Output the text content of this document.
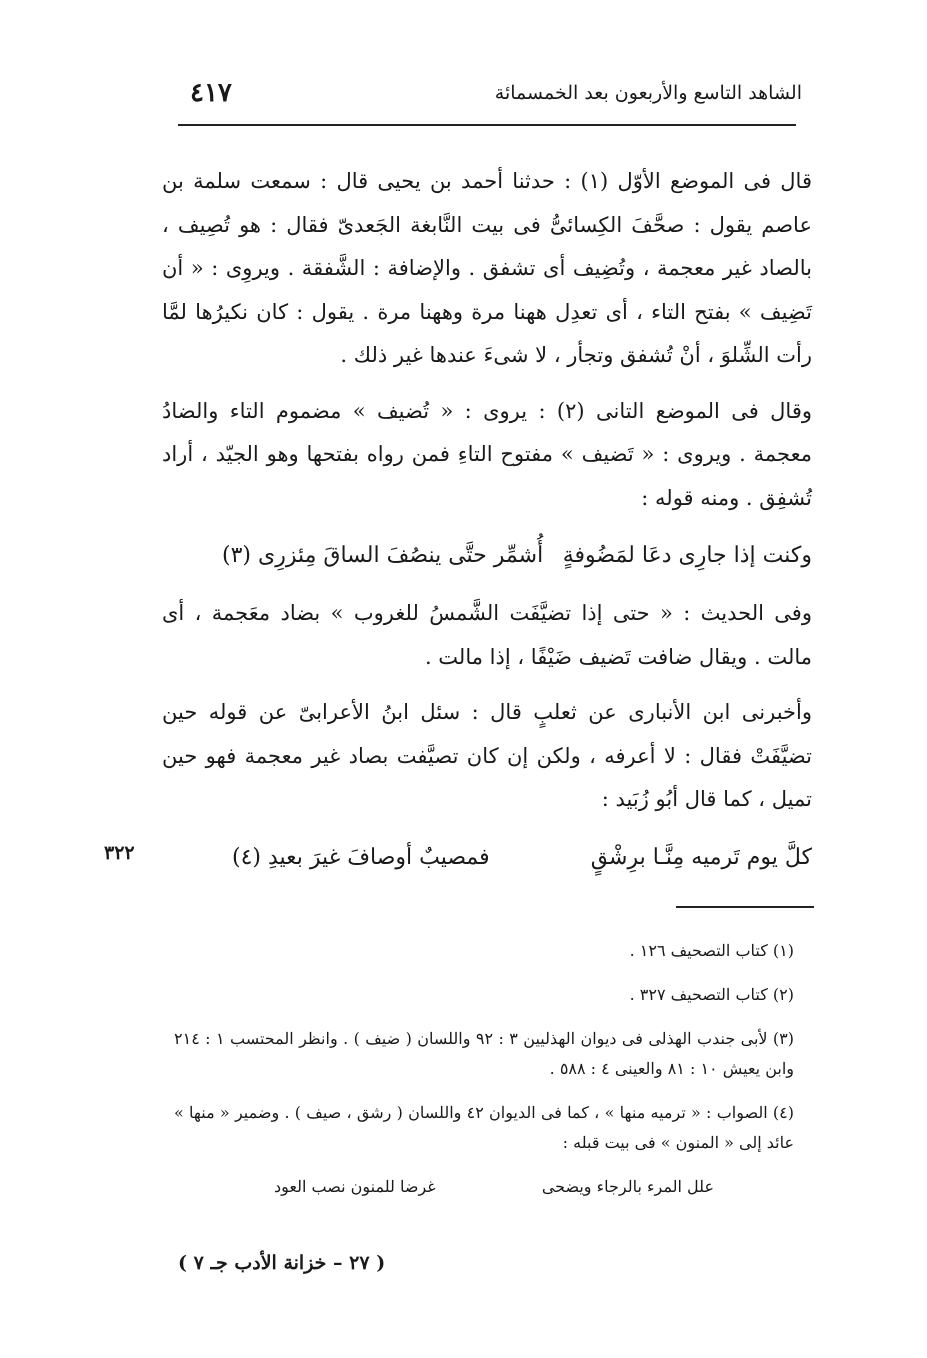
الشاهد التاسع والأربعون بعد الخمسمائة
٤١٧

قال فى الموضع الأوّل (١) : حدثنا أحمد بن يحيى قال : سمعت سلمة بن عاصم يقول : صحَّفَ الكِسائىُّ فى بيت النَّابغة الجَعدىّ فقال : هو تُصِيف ، بالصاد غير معجمة ، وتُضِيف أى تشفق . والإضافة : الشَّفقة . ويروِى : « أن تَضِيف » بفتح التاء ، أى تعدِل ههنا مرة وههنا مرة . يقول : كان نكيرُها لمَّا رأت الشِّلوَ ، أنْ تُشفق وتجأر ، لا شىءَ عندها غير ذلك .

وقال فى الموضع التانى (٢) : يروى : « تُضيف » مضموم التاء والضادُ معجمة . ويروى : « تَضيف » مفتوح التاءِ فمن رواه بفتحها وهو الجيّد ، أراد تُشفِق . ومنه قوله :

وكنت إذا جارِى دعَا لمَضُوفةٍ
أُشمِّر حتَّى ينصُفَ الساقَ مِئزرِى (٣)

وفى الحديث : « حتى إذا تضيَّفَت الشَّمسُ للغروب » بضاد معَجمة ، أى مالت . ويقال ضافت تَضيف ضَيْفًا ، إذا مالت .

وأخبرنى ابن الأنبارى عن ثعلبٍ قال : سئل ابنُ الأعرابىّ عن قوله حين تضيَّفَتْ فقال : لا أعرفه ، ولكن إن كان تصيَّفت بصاد غير معجمة فهو حين تميل ، كما قال أبُو زُبَيد :

كلَّ يوم تَرميه مِنَّـا برِشْقٍ
فمصيبٌ أوصافَ غيرَ بعيدِ (٤)
٣٢٢

(١) كتاب التصحيف ١٢٦ .

(٢) كتاب التصحيف ٣٢٧ .

(٣) لأبى جندب الهذلى فى ديوان الهذليين ٣ : ٩٢ واللسان ( ضيف ) . وانظر المحتسب ١ : ٢١٤ وابن يعيش ١٠ : ٨١ والعينى ٤ : ٥٨٨ .

(٤) الصواب : « ترميه منها » ، كما فى الديوان ٤٢ واللسان ( رشق ، صيف ) . وضمير « منها » عائد إلى « المنون » فى بيت قبله :

علل المرء بالرجاء ويضحى
غرضا للمنون نصب العود
( ٢٧ – خزانة الأدب جـ ٧ )
